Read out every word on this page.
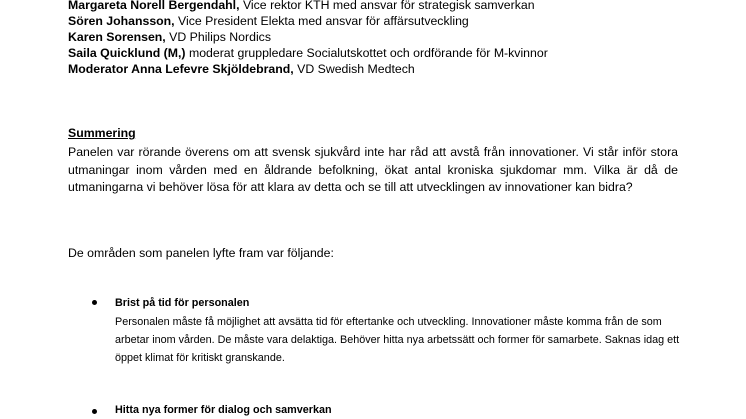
Margareta Norell Bergendahl, Vice rektor KTH med ansvar för strategisk samverkan
Sören Johansson, Vice President Elekta med ansvar för affärsutveckling
Karen Sorensen, VD Philips Nordics
Saila Quicklund (M,) moderat gruppledare Socialutskottet och ordförande för M-kvinnor
Moderator Anna Lefevre Skjöldebrand, VD Swedish Medtech
Summering

Panelen var rörande överens om att svensk sjukvård inte har råd att avstå från innovationer. Vi står inför stora utmaningar inom vården med en åldrande befolkning, ökat antal kroniska sjukdomar mm. Vilka är då de utmaningarna vi behöver lösa för att klara av detta och se till att utvecklingen av innovationer kan bidra?

De områden som panelen lyfte fram var följande:

Brist på tid för personalen

Personalen måste få möjlighet att avsätta tid för eftertanke och utveckling. Innovationer måste komma från de som arbetar inom vården. De måste vara delaktiga. Behöver hitta nya arbetssätt och former för samarbete. Saknas idag ett öppet klimat för kritiskt granskande.

Hitta nya former för dialog och samverkan
